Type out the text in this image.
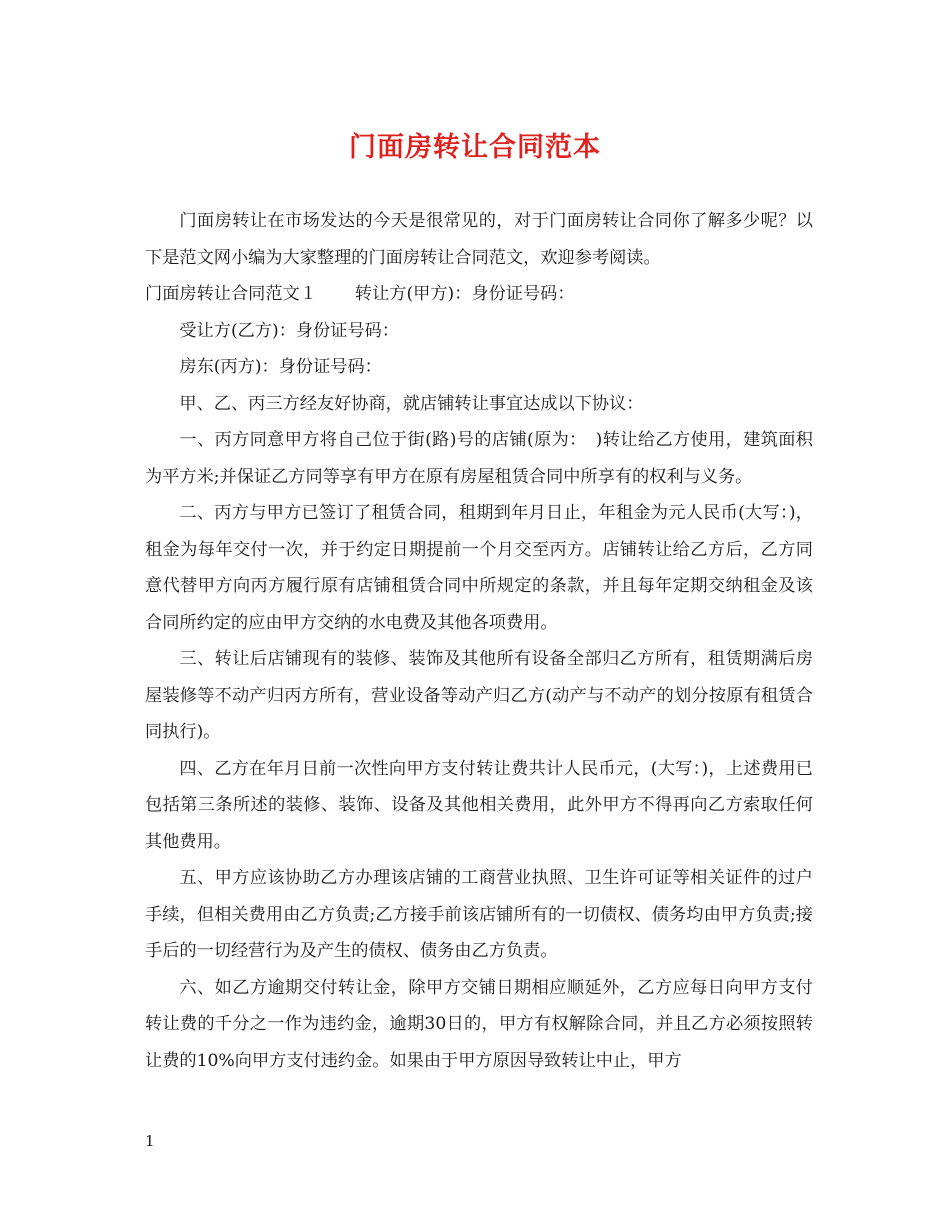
门面房转让合同范本

门面房转让在市场发达的今天是很常见的，对于门面房转让合同你了解多少呢？以下是范文网小编为大家整理的门面房转让合同范文，欢迎参考阅读。

门面房转让合同范文１ 转让方(甲方)：身份证号码：

受让方(乙方)：身份证号码：

房东(丙方)：身份证号码：

甲、乙、丙三方经友好协商，就店铺转让事宜达成以下协议：

一、丙方同意甲方将自己位于街(路)号的店铺(原为：　)转让给乙方使用，建筑面积为平方米;并保证乙方同等享有甲方在原有房屋租赁合同中所享有的权利与义务。

二、丙方与甲方已签订了租赁合同，租期到年月日止，年租金为元人民币(大写：)，租金为每年交付一次，并于约定日期提前一个月交至丙方。店铺转让给乙方后，乙方同意代替甲方向丙方履行原有店铺租赁合同中所规定的条款，并且每年定期交纳租金及该合同所约定的应由甲方交纳的水电费及其他各项费用。

三、转让后店铺现有的装修、装饰及其他所有设备全部归乙方所有，租赁期满后房屋装修等不动产归丙方所有，营业设备等动产归乙方(动产与不动产的划分按原有租赁合同执行)。

四、乙方在年月日前一次性向甲方支付转让费共计人民币元，(大写：)，上述费用已包括第三条所述的装修、装饰、设备及其他相关费用，此外甲方不得再向乙方索取任何其他费用。

五、甲方应该协助乙方办理该店铺的工商营业执照、卫生许可证等相关证件的过户手续，但相关费用由乙方负责;乙方接手前该店铺所有的一切债权、债务均由甲方负责;接手后的一切经营行为及产生的债权、债务由乙方负责。

六、如乙方逾期交付转让金，除甲方交铺日期相应顺延外，乙方应每日向甲方支付转让费的千分之一作为违约金，逾期30日的，甲方有权解除合同，并且乙方必须按照转让费的10%向甲方支付违约金。如果由于甲方原因导致转让中止，甲方

1
